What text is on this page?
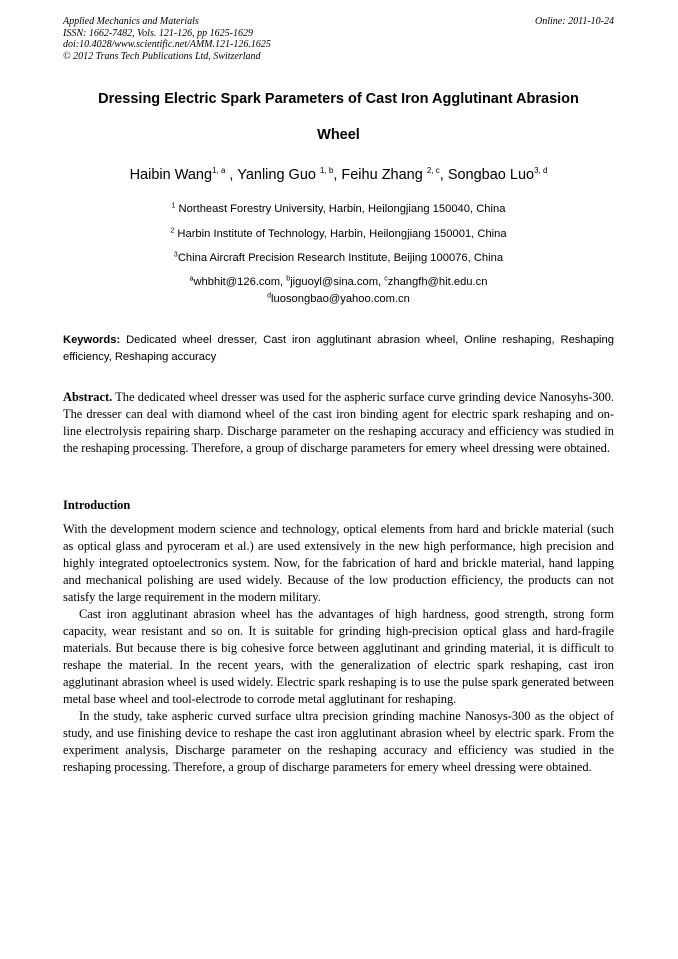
Applied Mechanics and Materials
ISSN: 1662-7482, Vols. 121-126, pp 1625-1629
doi:10.4028/www.scientific.net/AMM.121-126.1625
© 2012 Trans Tech Publications Ltd, Switzerland
Online: 2011-10-24
Dressing Electric Spark Parameters of Cast Iron Agglutinant Abrasion
Wheel
Haibin Wang$^{1, a}$ , Yanling Guo $^{1, b}$, Feihu Zhang $^{2, c}$, Songbao Luo$^{3, d}$
$^1$ Northeast Forestry University, Harbin, Heilongjiang 150040, China
$^2$ Harbin Institute of Technology, Harbin, Heilongjiang 150001, China
$^3$China Aircraft Precision Research Institute, Beijing 100076, China
$^a$whbhit@126.com, $^b$jiguoyl@sina.com, $^c$zhangfh@hit.edu.cn
$^d$luosongbao@yahoo.com.cn
Keywords: Dedicated wheel dresser, Cast iron agglutinant abrasion wheel, Online reshaping, Reshaping efficiency, Reshaping accuracy
Abstract. The dedicated wheel dresser was used for the aspheric surface curve grinding device Nanosyhs-300. The dresser can deal with diamond wheel of the cast iron binding agent for electric spark reshaping and on-line electrolysis repairing sharp. Discharge parameter on the reshaping accuracy and efficiency was studied in the reshaping processing. Therefore, a group of discharge parameters for emery wheel dressing were obtained.
Introduction

With the development modern science and technology, optical elements from hard and brickle material (such as optical glass and pyroceram et al.) are used extensively in the new high performance, high precision and highly integrated optoelectronics system. Now, for the fabrication of hard and brickle material, hand lapping and mechanical polishing are used widely. Because of the low production efficiency, the products can not satisfy the large requirement in the modern military.

Cast iron agglutinant abrasion wheel has the advantages of high hardness, good strength, strong form capacity, wear resistant and so on. It is suitable for grinding high-precision optical glass and hard-fragile materials. But because there is big cohesive force between agglutinant and grinding material, it is difficult to reshape the material. In the recent years, with the generalization of electric spark reshaping, cast iron agglutinant abrasion wheel is used widely. Electric spark reshaping is to use the pulse spark generated between metal base wheel and tool-electrode to corrode metal agglutinant for reshaping.

In the study, take aspheric curved surface ultra precision grinding machine Nanosys-300 as the object of study, and use finishing device to reshape the cast iron agglutinant abrasion wheel by electric spark. From the experiment analysis, Discharge parameter on the reshaping accuracy and efficiency was studied in the reshaping processing. Therefore, a group of discharge parameters for emery wheel dressing were obtained.
